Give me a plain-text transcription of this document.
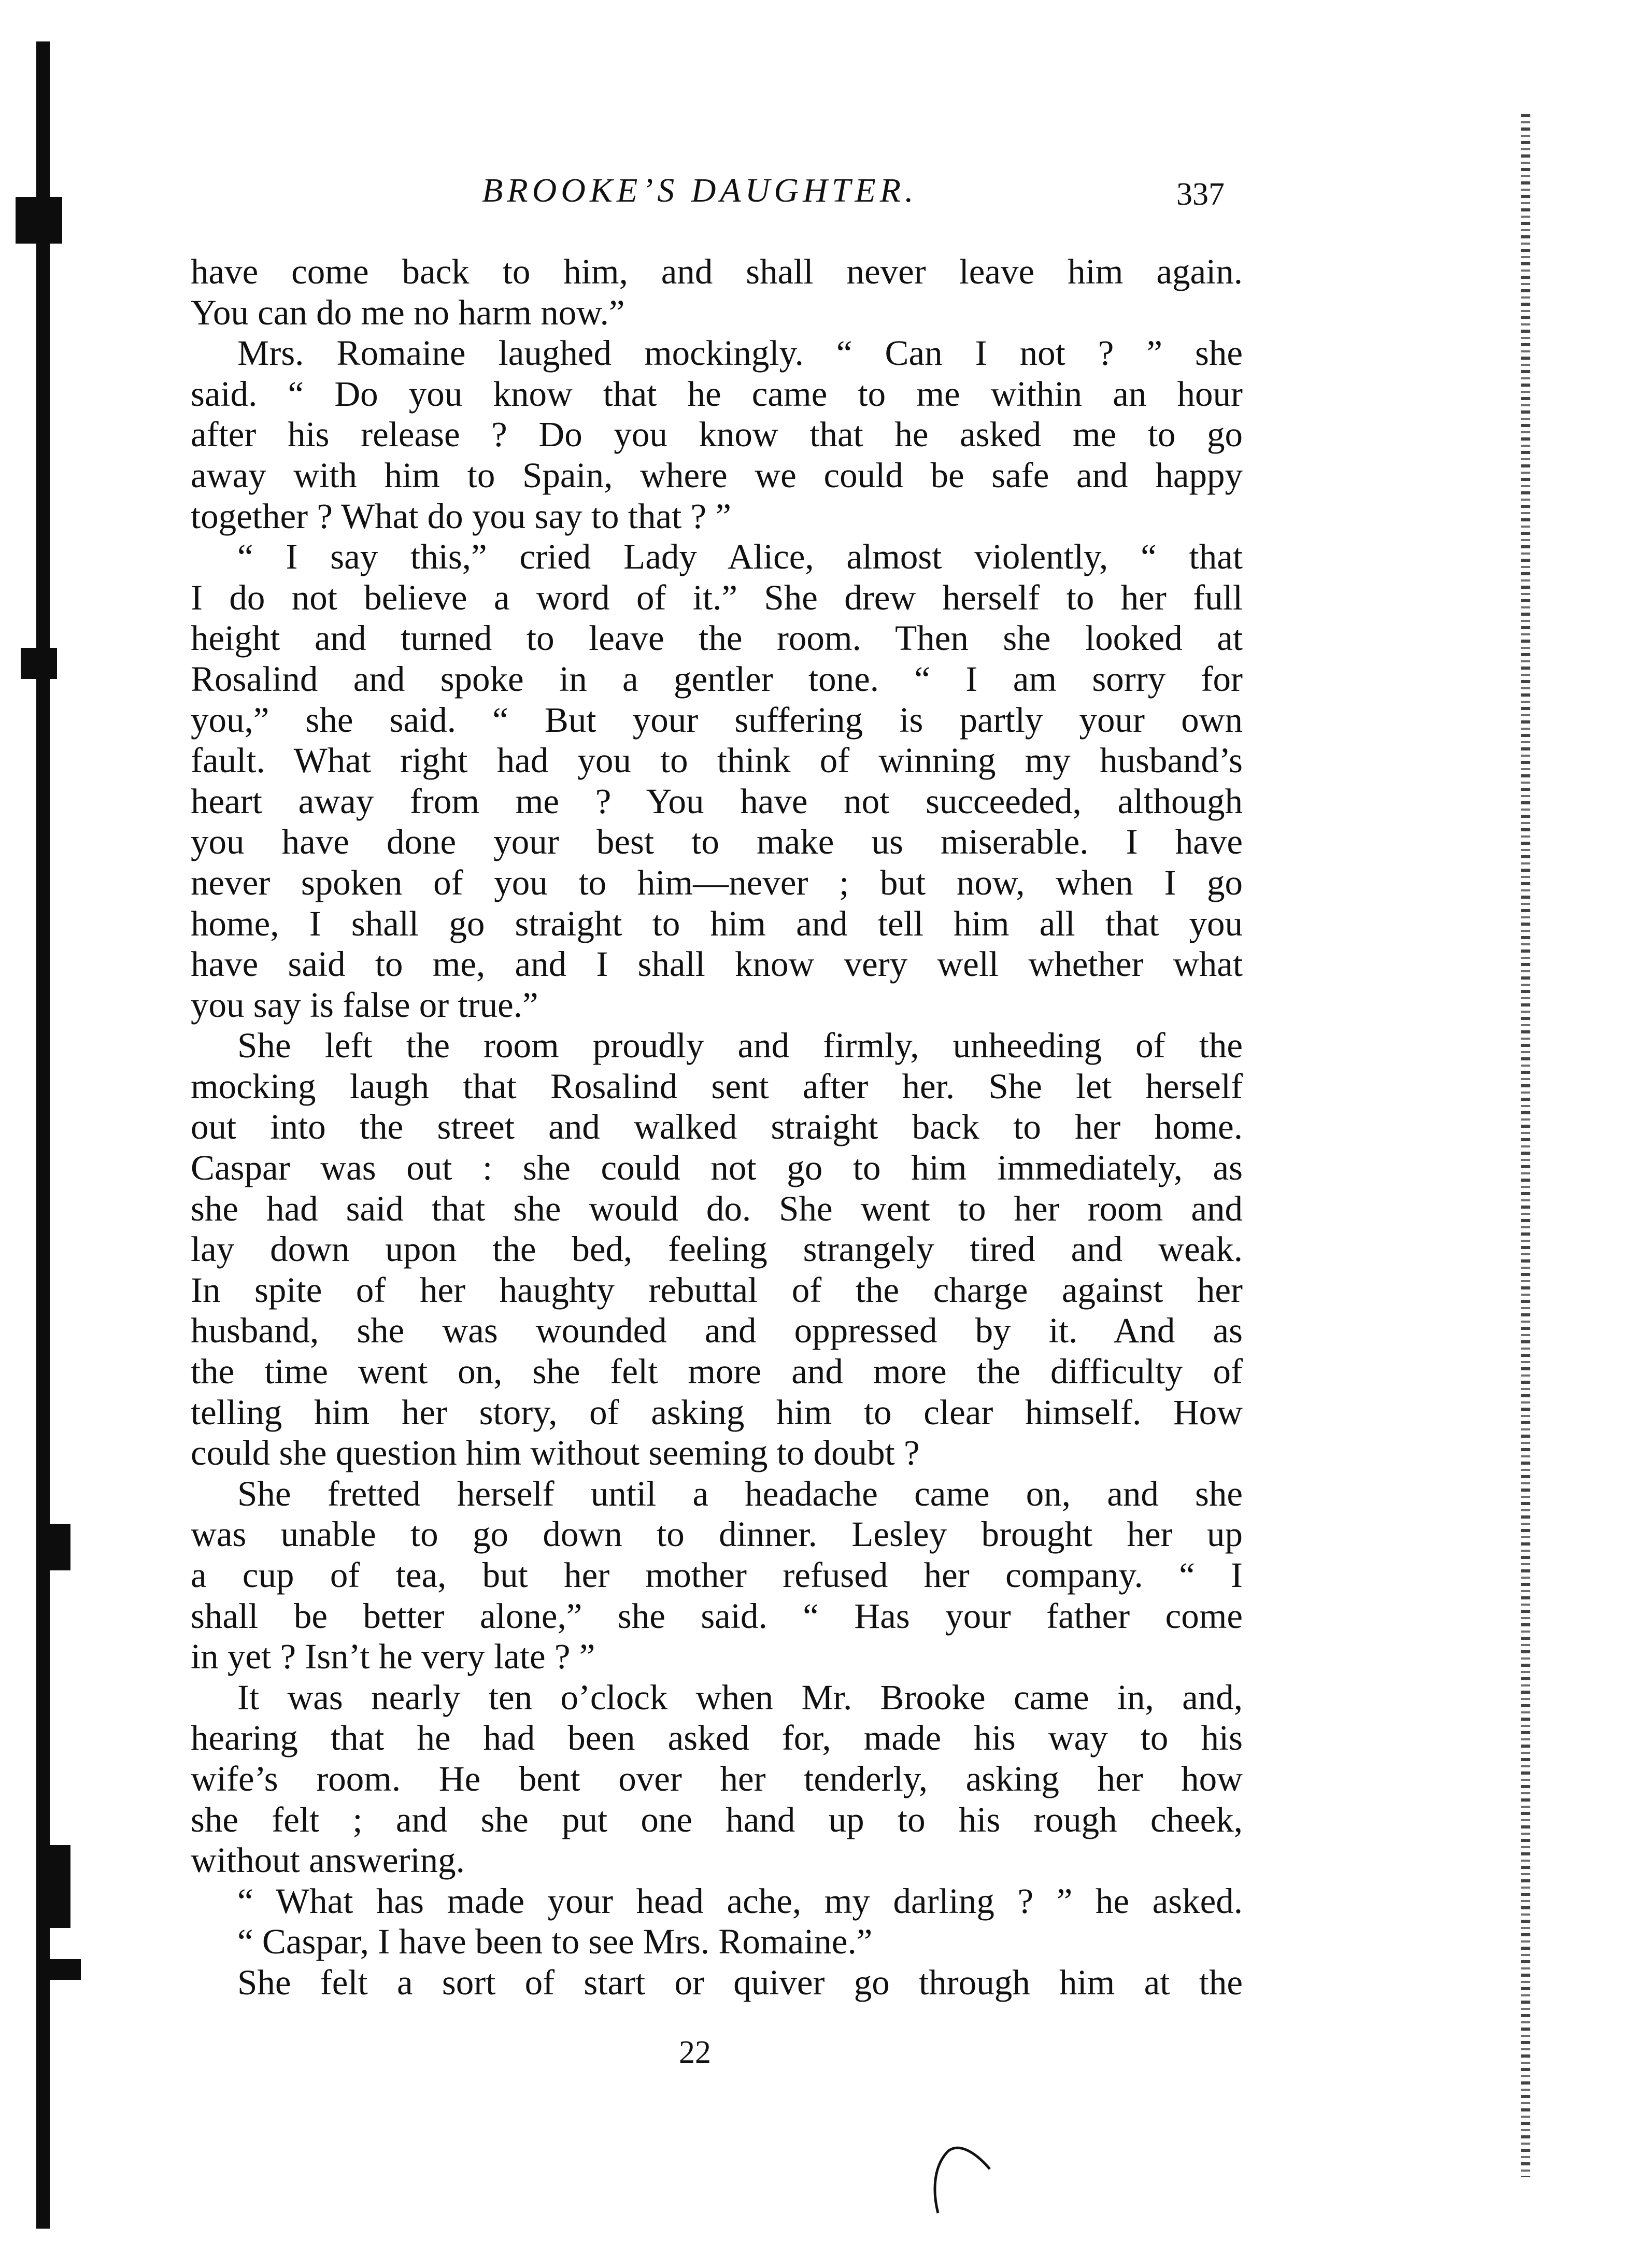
BROOKE’S DAUGHTER.	337
have come back to him, and shall never leave him again.
You can do me no harm now.”
Mrs. Romaine laughed mockingly. “ Can I not ? ” she
said. “ Do you know that he came to me within an hour
after his release ? Do you know that he asked me to go
away with him to Spain, where we could be safe and happy
together ? What do you say to that ? ”
“ I say this,” cried Lady Alice, almost violently, “ that
I do not believe a word of it.” She drew herself to her full
height and turned to leave the room. Then she looked at
Rosalind and spoke in a gentler tone. “ I am sorry for
you,” she said. “ But your suffering is partly your own
fault. What right had you to think of winning my husband’s
heart away from me ? You have not succeeded, although
you have done your best to make us miserable. I have
never spoken of you to him—never ; but now, when I go
home, I shall go straight to him and tell him all that you
have said to me, and I shall know very well whether what
you say is false or true.”
She left the room proudly and firmly, unheeding of the
mocking laugh that Rosalind sent after her. She let herself
out into the street and walked straight back to her home.
Caspar was out : she could not go to him immediately, as
she had said that she would do. She went to her room and
lay down upon the bed, feeling strangely tired and weak.
In spite of her haughty rebuttal of the charge against her
husband, she was wounded and oppressed by it. And as
the time went on, she felt more and more the difficulty of
telling him her story, of asking him to clear himself. How
could she question him without seeming to doubt ?
She fretted herself until a headache came on, and she
was unable to go down to dinner. Lesley brought her up
a cup of tea, but her mother refused her company. “ I
shall be better alone,” she said. “ Has your father come
in yet ? Isn’t he very late ? ”
It was nearly ten o’clock when Mr. Brooke came in, and,
hearing that he had been asked for, made his way to his
wife’s room. He bent over her tenderly, asking her how
she felt ; and she put one hand up to his rough cheek,
without answering.
“ What has made your head ache, my darling ? ” he asked.
“ Caspar, I have been to see Mrs. Romaine.”
She felt a sort of start or quiver go through him at the
22
